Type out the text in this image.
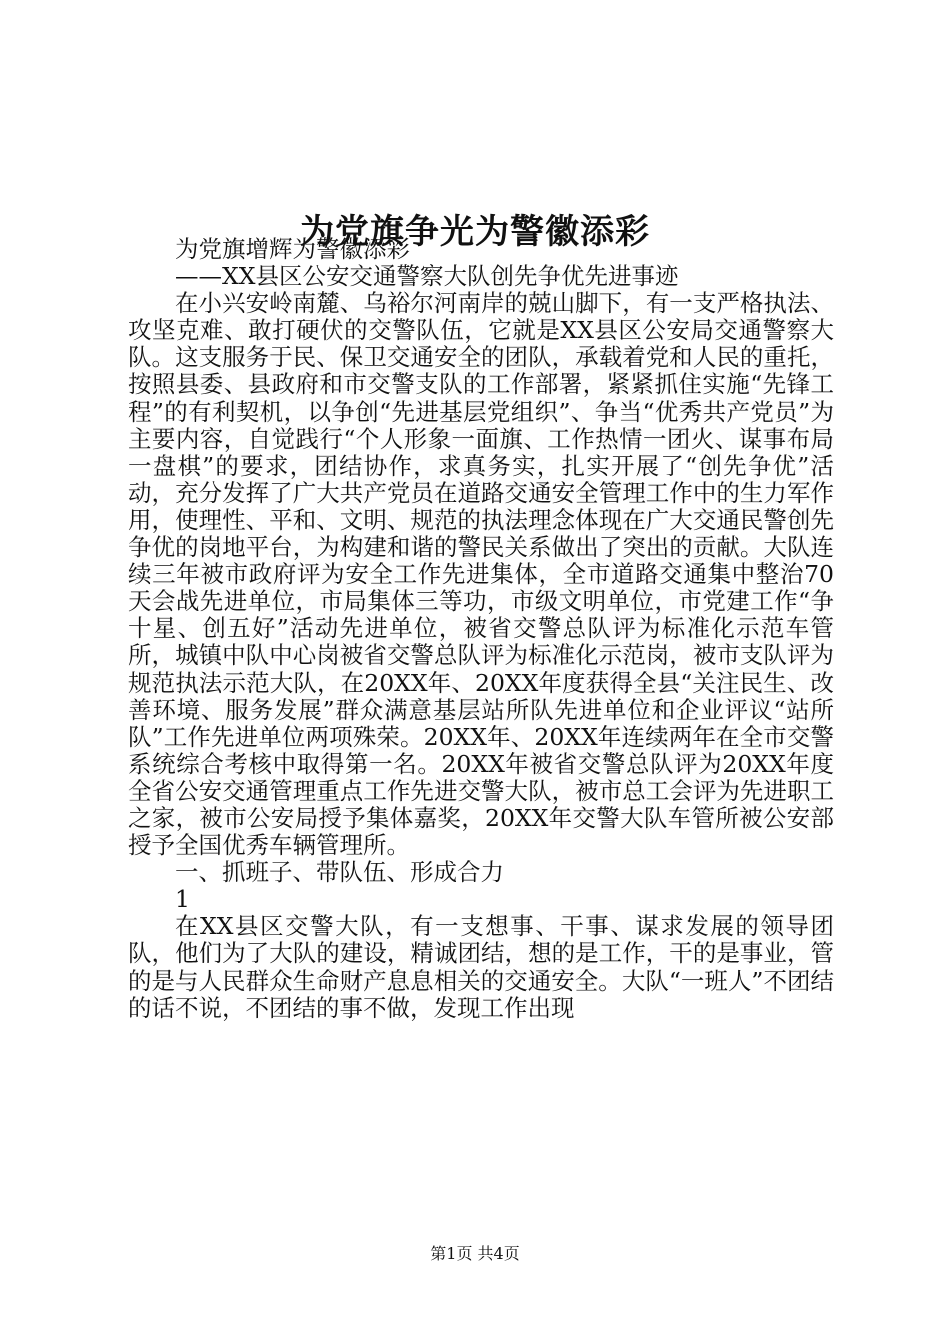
为党旗争光为警徽添彩

为党旗增辉为警徽添彩

——XX县区公安交通警察大队创先争优先进事迹

在小兴安岭南麓、乌裕尔河南岸的兢山脚下，有一支严格执法、攻坚克难、敢打硬伏的交警队伍，它就是XX县区公安局交通警察大队。这支服务于民、保卫交通安全的团队，承载着党和人民的重托，按照县委、县政府和市交警支队的工作部署，紧紧抓住实施“先锋工程”的有利契机，以争创“先进基层党组织”、争当“优秀共产党员”为主要内容，自觉践行“个人形象一面旗、工作热情一团火、谋事布局一盘棋”的要求，团结协作，求真务实，扎实开展了“创先争优”活动，充分发挥了广大共产党员在道路交通安全管理工作中的生力军作用，使理性、平和、文明、规范的执法理念体现在广大交通民警创先争优的岗地平台，为构建和谐的警民关系做出了突出的贡献。大队连续三年被市政府评为安全工作先进集体，全市道路交通集中整治70天会战先进单位，市局集体三等功，市级文明单位，市党建工作“争十星、创五好”活动先进单位，被省交警总队评为标准化示范车管所，城镇中队中心岗被省交警总队评为标准化示范岗，被市支队评为规范执法示范大队，在20XX年、20XX年度获得全县“关注民生、改善环境、服务发展”群众满意基层站所队先进单位和企业评议“站所队”工作先进单位两项殊荣。20XX年、20XX年连续两年在全市交警系统综合考核中取得第一名。20XX年被省交警总队评为20XX年度全省公安交通管理重点工作先进交警大队，被市总工会评为先进职工之家，被市公安局授予集体嘉奖，20XX年交警大队车管所被公安部授予全国优秀车辆管理所。

一、抓班子、带队伍、形成合力

1

在XX县区交警大队，有一支想事、干事、谋求发展的领导团队，他们为了大队的建设，精诚团结，想的是工作，干的是事业，管的是与人民群众生命财产息息相关的交通安全。大队“一班人”不团结的话不说，不团结的事不做，发现工作出现

第1页 共4页
